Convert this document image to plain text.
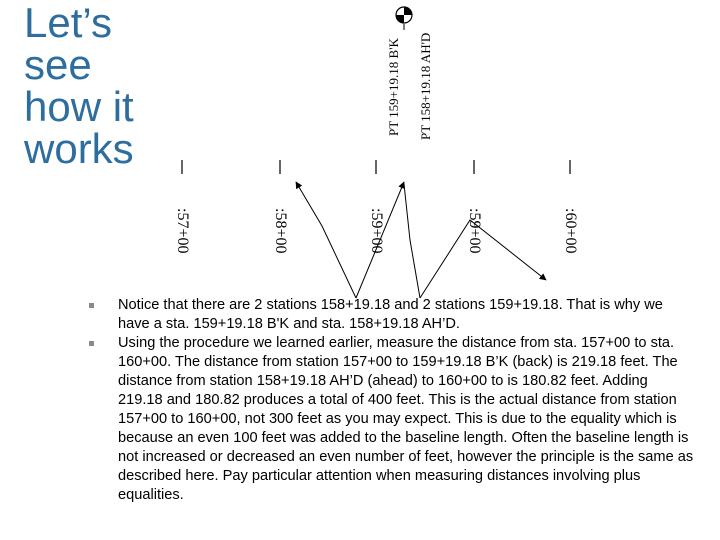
Let’s
see
how it
works
:57+00	:58+00	:59+00	:59+00	:60+00
PT 159+19.18 B'K PT 158+19.18 AH'D
Notice that there are 2 stations 158+19.18 and 2 stations 159+19.18. That is why we have a sta. 159+19.18 B'K and sta. 158+19.18 AH’D.
Using the procedure we learned earlier, measure the distance from sta. 157+00 to sta. 160+00. The distance from station 157+00 to 159+19.18 B’K (back) is 219.18 feet. The distance from station 158+19.18 AH’D (ahead) to 160+00 to is 180.82 feet. Adding 219.18 and 180.82 produces a total of 400 feet. This is the actual distance from station 157+00 to 160+00, not 300 feet as you may expect. This is due to the equality which is because an even 100 feet was added to the baseline length. Often the baseline length is not increased or decreased an even number of feet, however the principle is the same as described here. Pay particular attention when measuring distances involving plus equalities.
